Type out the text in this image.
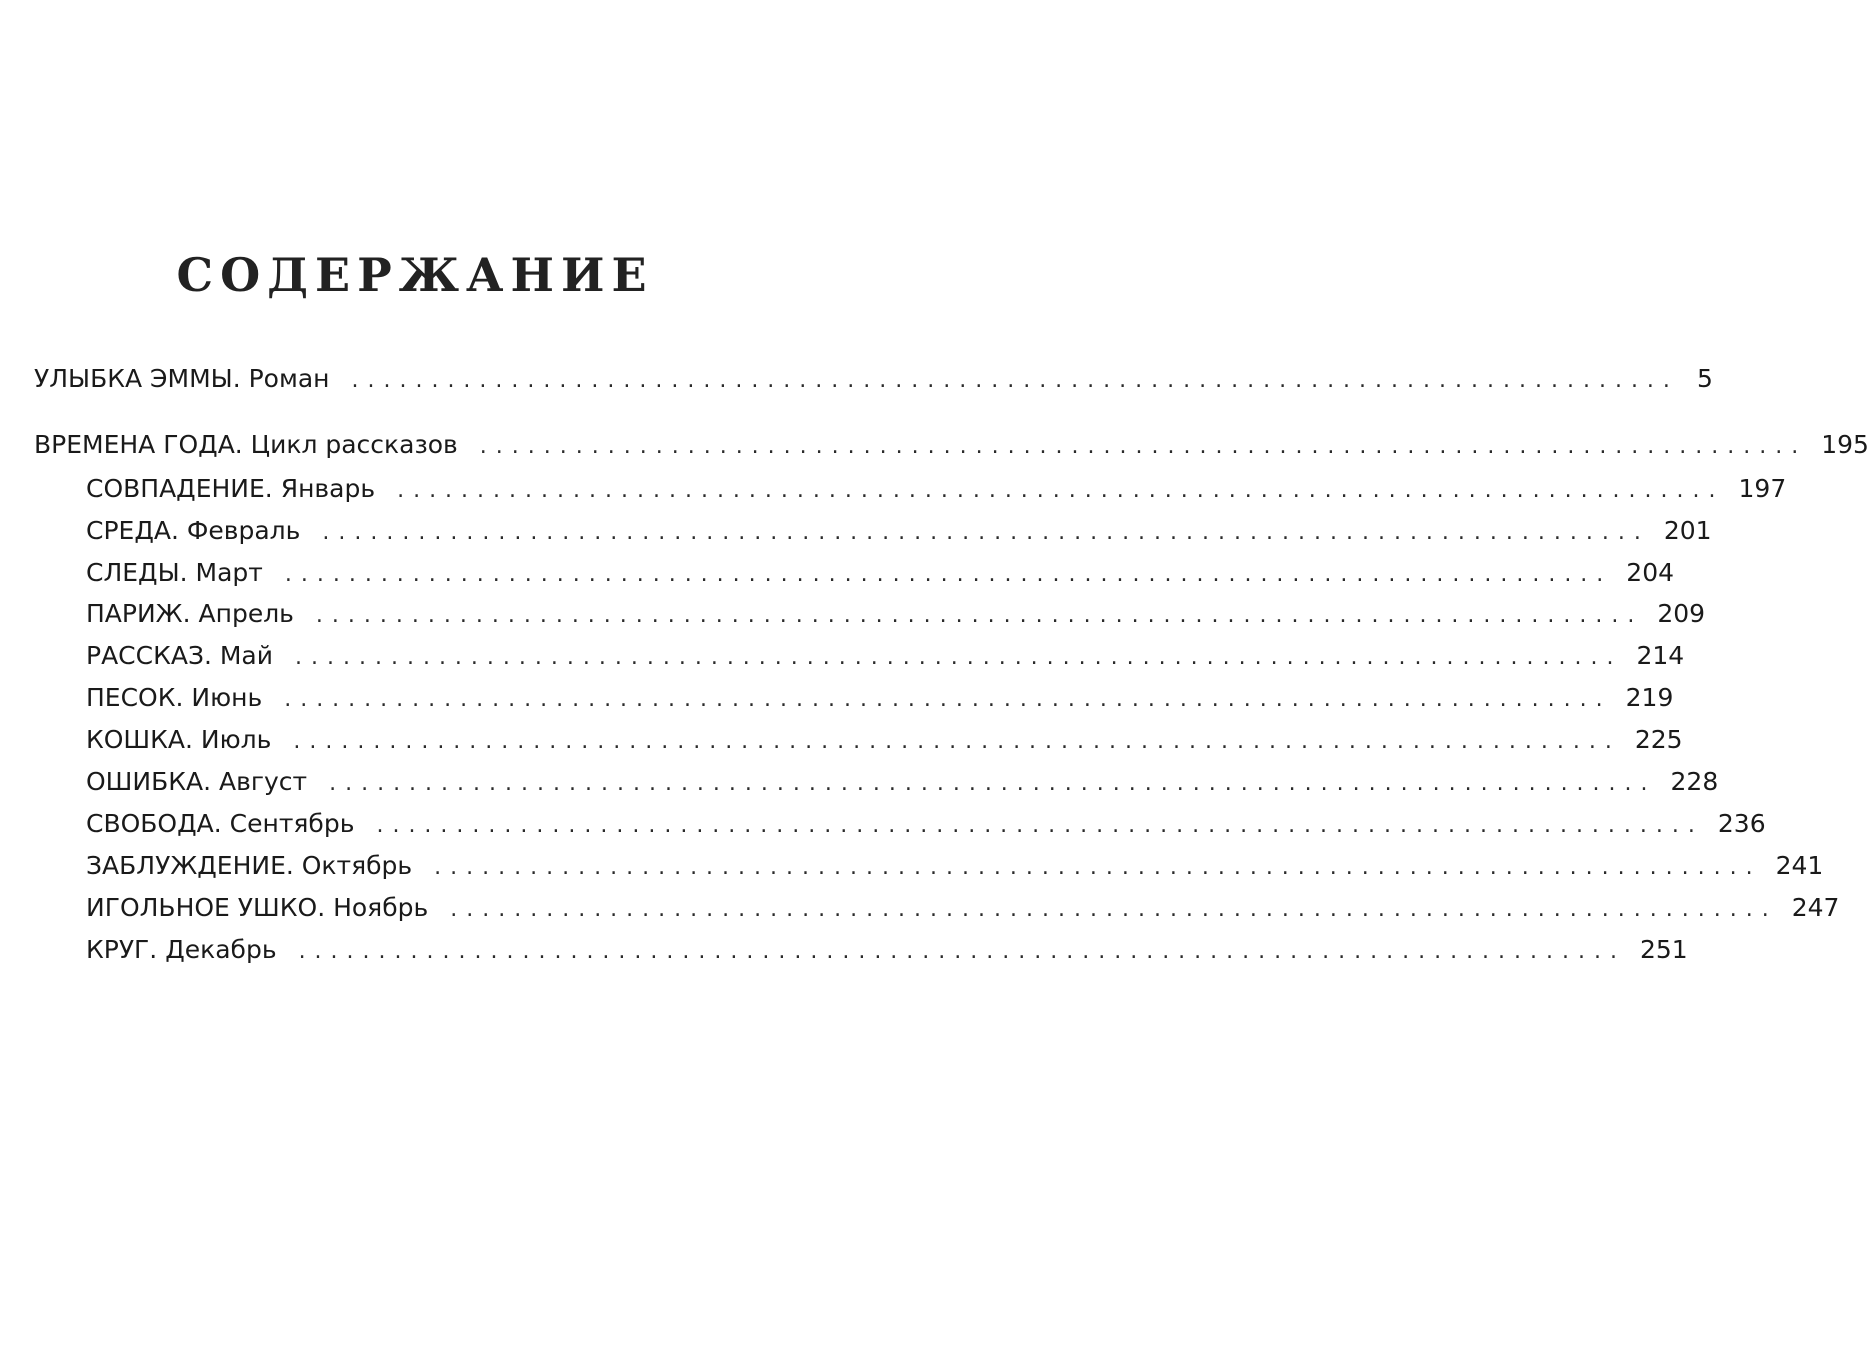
СОДЕРЖАНИЕ
УЛЫБКА ЭММЫ. Роман ................................................................................... 5
ВРЕМЕНА ГОДА. Цикл рассказов ................................................................................... 195
СОВПАДЕНИЕ. Январь ................................................................................... 197
СРЕДА. Февраль ................................................................................... 201
СЛЕДЫ. Март ................................................................................... 204
ПАРИЖ. Апрель ................................................................................... 209
РАССКАЗ. Май ................................................................................... 214
ПЕСОК. Июнь ................................................................................... 219
КОШКА. Июль ................................................................................... 225
ОШИБКА. Август ................................................................................... 228
СВОБОДА. Сентябрь ................................................................................... 236
ЗАБЛУЖДЕНИЕ. Октябрь ................................................................................... 241
ИГОЛЬНОЕ УШКО. Ноябрь ................................................................................... 247
КРУГ. Декабрь ................................................................................... 251
